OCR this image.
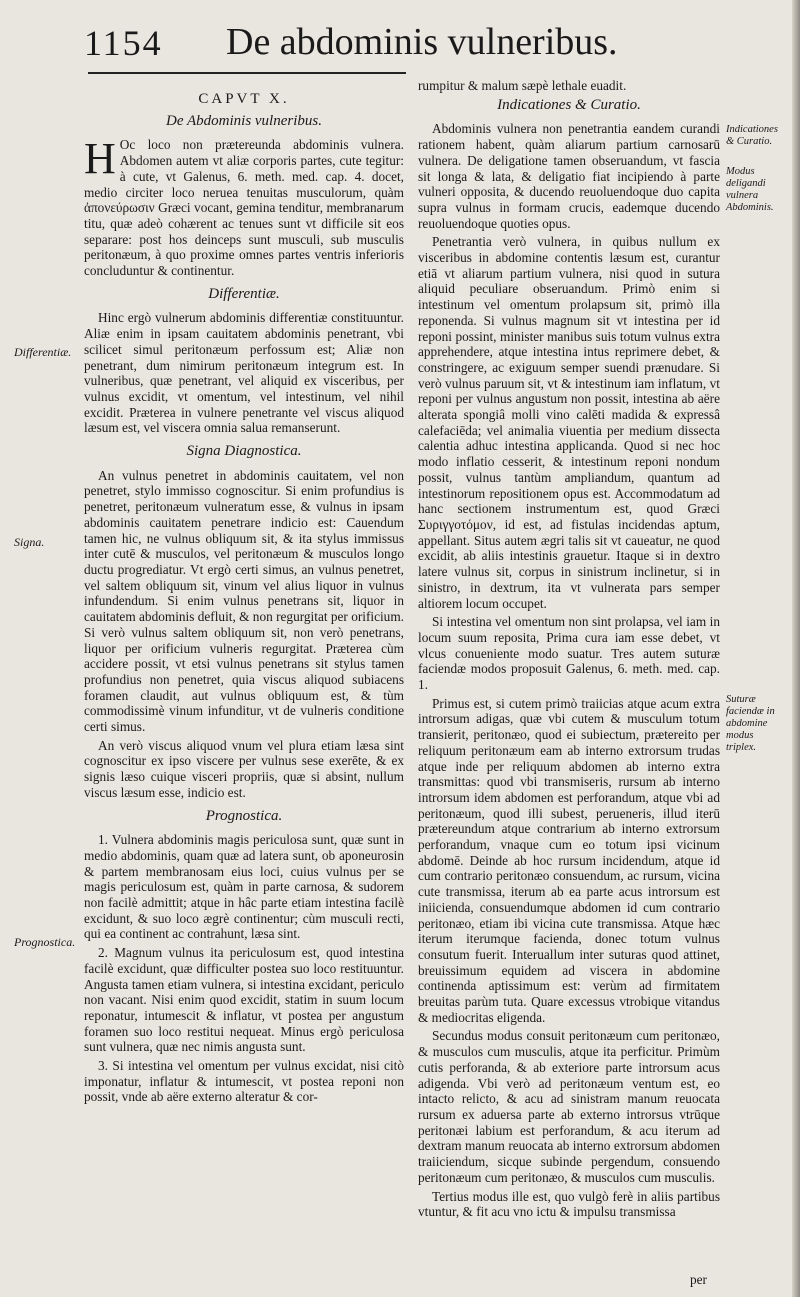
1154 De abdominis vulneribus.
Differentiæ.
Signa.
Prognostica.
Indicationes & Curatio.
Modus deligandi vulnera Abdominis.
Suturæ faciendæ in abdomine modus triplex.
CAPVT X.
De Abdominis vulneribus.

H Oc loco non prætereunda abdominis vulnera. Abdomen autem vt aliæ corporis partes, cute tegitur: à cute, vt Galenus, 6. meth. med. cap. 4. docet, medio circiter loco neruea tenuitas musculorum, quàm ἀπονεύρωσιν Græci vocant, gemina tenditur, membranarum titu, quæ adeò cohærent ac tenues sunt vt difficile sit eos separare: post hos deinceps sunt musculi, sub musculis peritonæum, à quo proxime omnes partes ventris inferioris concluduntur & continentur.

Differentiæ.

Hinc ergò vulnerum abdominis differentiæ constituuntur. Aliæ enim in ipsam cauitatem abdominis penetrant, vbi scilicet simul peritonæum perfossum est; Aliæ non penetrant, dum nimirum peritonæum integrum est. In vulneribus, quæ penetrant, vel aliquid ex visceribus, per vulnus excidit, vt omentum, vel intestinum, vel nihil excidit. Præterea in vulnere penetrante vel viscus aliquod læsum est, vel viscera omnia salua remanserunt.

Signa Diagnostica.

An vulnus penetret in abdominis cauitatem, vel non penetret, stylo immisso cognoscitur. Si enim profundius is penetret, peritonæum vulneratum esse, & vulnus in ipsam abdominis cauitatem penetrare indicio est: Cauendum tamen hic, ne vulnus obliquum sit, & ita stylus immissus inter cutē & musculos, vel peritonæum & musculos longo ductu progrediatur. Vt ergò certi simus, an vulnus penetret, vel saltem obliquum sit, vinum vel alius liquor in vulnus infundendum. Si enim vulnus penetrans sit, liquor in cauitatem abdominis defluit, & non regurgitat per orificium. Si verò vulnus saltem obliquum sit, non verò penetrans, liquor per orificium vulneris regurgitat. Præterea cùm accidere possit, vt etsi vulnus penetrans sit stylus tamen profundius non penetret, quia viscus aliquod subiacens foramen claudit, aut vulnus obliquum est, & tùm commodissimè vinum infunditur, vt de vulneris conditione certi simus.

An verò viscus aliquod vnum vel plura etiam læsa sint cognoscitur ex ipso viscere per vulnus sese exerēte, & ex signis læso cuique visceri propriis, quæ si absint, nullum viscus læsum esse, indicio est.

Prognostica.

1. Vulnera abdominis magis periculosa sunt, quæ sunt in medio abdominis, quam quæ ad latera sunt, ob aponeurosin & partem membranosam eius loci, cuius vulnus per se magis periculosum est, quàm in parte carnosa, & sudorem non facilè admittit; atque in hâc parte etiam intestina facilè excidunt, & suo loco ægrè continentur; cùm musculi recti, qui ea continent ac contrahunt, læsa sint.

2. Magnum vulnus ita periculosum est, quod intestina facilè excidunt, quæ difficulter postea suo loco restituuntur. Angusta tamen etiam vulnera, si intestina excidant, periculo non vacant. Nisi enim quod excidit, statim in suum locum reponatur, intumescit & inflatur, vt postea per angustum foramen suo loco restitui nequeat. Minus ergò periculosa sunt vulnera, quæ nec nimis angusta sunt.

3. Si intestina vel omentum per vulnus excidat, nisi citò imponatur, inflatur & intumescit, vt postea reponi non possit, vnde ab aëre externo alteratur & cor-

rumpitur & malum sæpè lethale euadit.

Indicationes & Curatio.

Abdominis vulnera non penetrantia eandem curandi rationem habent, quàm aliarum partium carnosarū vulnera. De deligatione tamen obseruandum, vt fascia sit longa & lata, & deligatio fiat incipiendo à parte vulneri opposita, & ducendo reuoluendoque duo capita supra vulnus in formam crucis, eademque ducendo reuoluendoque quoties opus.

Penetrantia verò vulnera, in quibus nullum ex visceribus in abdomine contentis læsum est, curantur etiā vt aliarum partium vulnera, nisi quod in sutura aliquid peculiare obseruandum. Primò enim si intestinum vel omentum prolapsum sit, primò illa reponenda. Si vulnus magnum sit vt intestina per id reponi possint, minister manibus suis totum vulnus extra apprehendere, atque intestina intus reprimere debet, & constringere, ac exiguum semper suendi prænudare. Si verò vulnus paruum sit, vt & intestinum iam inflatum, vt reponi per vulnus angustum non possit, intestina ab aëre alterata spongiâ molli vino calēti madida & expressâ calefaciēda; vel animalia viuentia per medium dissecta calentia adhuc intestina applicanda. Quod si nec hoc modo inflatio cesserit, & intestinum reponi nondum possit, vulnus tantùm ampliandum, quantum ad intestinorum repositionem opus est. Accommodatum ad hanc sectionem instrumentum est, quod Græci Συριγγοτόμον, id est, ad fistulas incidendas aptum, appellant. Situs autem ægri talis sit vt caueatur, ne quod excidit, ab aliis intestinis grauetur. Itaque si in dextro latere vulnus sit, corpus in sinistrum inclinetur, si in sinistro, in dextrum, ita vt vulnerata pars semper altiorem locum occupet.

Si intestina vel omentum non sint prolapsa, vel iam in locum suum reposita, Prima cura iam esse debet, vt vlcus conueniente modo suatur. Tres autem suturæ faciendæ modos proposuit Galenus, 6. meth. med. cap. 1.

Primus est, si cutem primò traiicias atque acum extra introrsum adigas, quæ vbi cutem & musculum totum transierit, peritonæo, quod ei subiectum, prætereito per reliquum peritonæum eam ab interno extrorsum trudas atque inde per reliquum abdomen ab interno extra transmittas: quod vbi transmiseris, rursum ab interno introrsum idem abdomen est perforandum, atque vbi ad peritonæum, quod illi subest, perueneris, illud iterū prætereundum atque contrarium ab interno extrorsum perforandum, vnaque cum eo totum ipsi vicinum abdomē. Deinde ab hoc rursum incidendum, atque id cum contrario peritonæo consuendum, ac rursum, vicina cute transmissa, iterum ab ea parte acus introrsum est iniicienda, consuendumque abdomen id cum contrario peritonæo, etiam ibi vicina cute transmissa. Atque hæc iterum iterumque facienda, donec totum vulnus consutum fuerit. Interuallum inter suturas quod attinet, breuissimum equidem ad viscera in abdomine continenda aptissimum est: verùm ad firmitatem breuitas parùm tuta. Quare excessus vtrobique vitandus & mediocritas eligenda.

Secundus modus consuit peritonæum cum peritonæo, & musculos cum musculis, atque ita perficitur. Primùm cutis perforanda, & ab exteriore parte introrsum acus adigenda. Vbi verò ad peritonæum ventum est, eo intacto relicto, & acu ad sinistram manum reuocata rursum ex aduersa parte ab externo introrsus vtrūque peritonæi labium est perforandum, & acu iterum ad dextram manum reuocata ab interno extrorsum abdomen traiiciendum, sicque subinde pergendum, consuendo peritonæum cum peritonæo, & musculos cum musculis.

Tertius modus ille est, quo vulgò ferè in aliis partibus vtuntur, & fit acu vno ictu & impulsu transmissa

per
